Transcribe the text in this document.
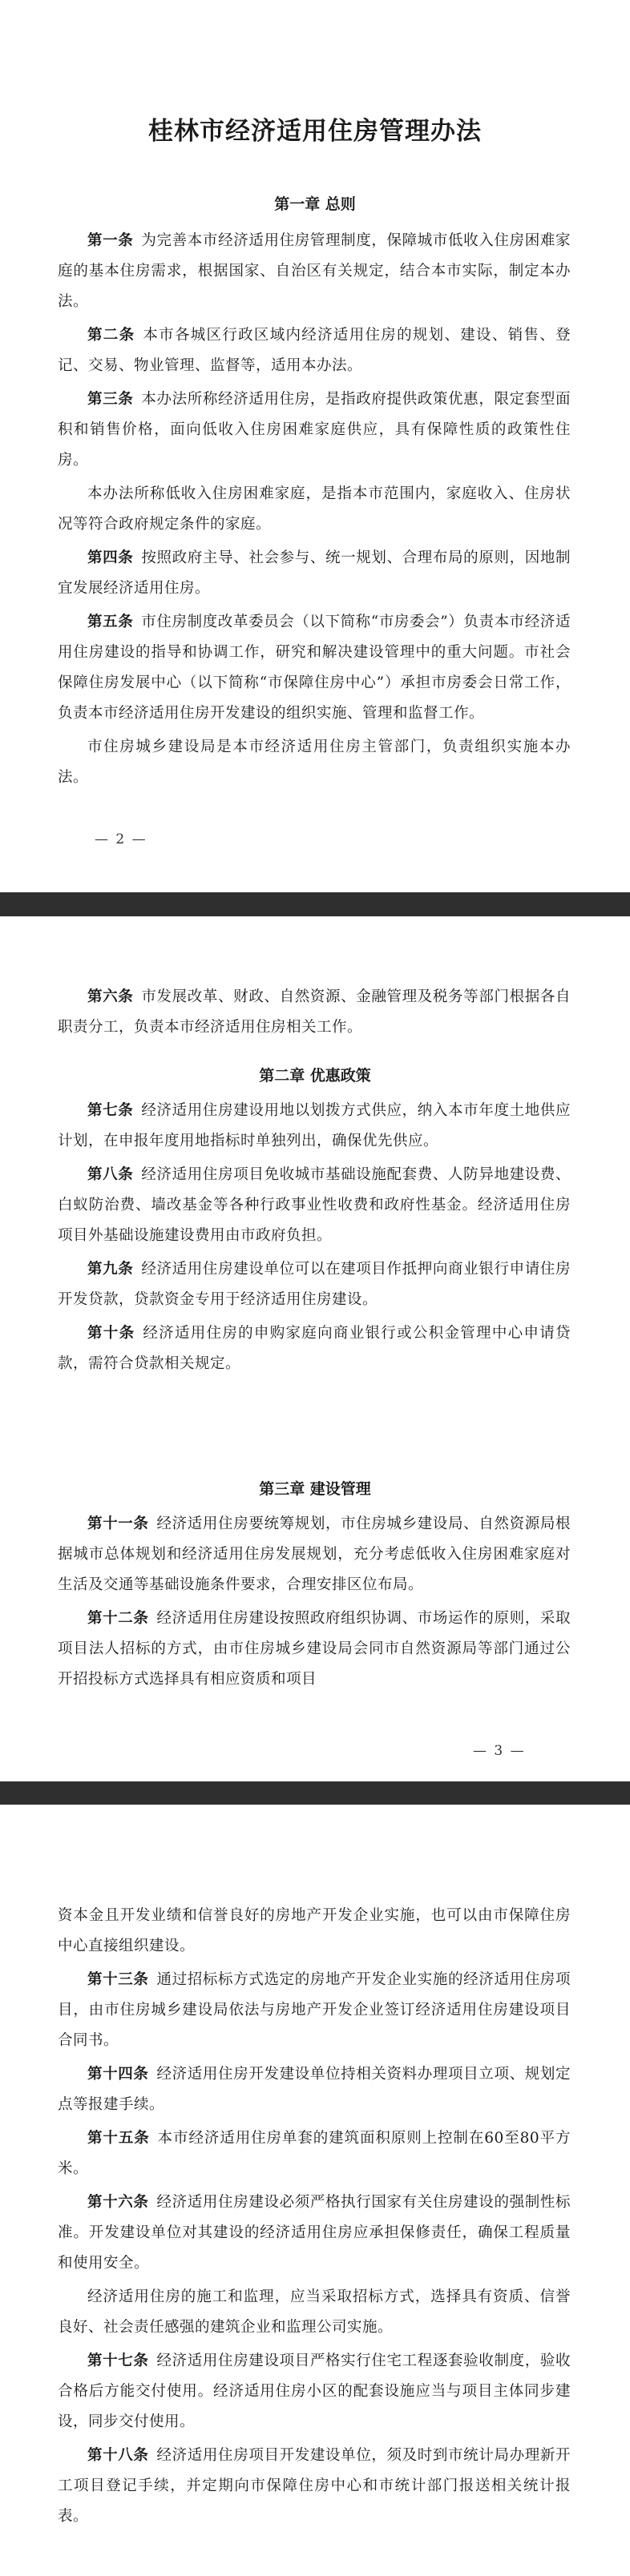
桂林市经济适用住房管理办法
第一章 总则

第一条 为完善本市经济适用住房管理制度，保障城市低收入住房困难家庭的基本住房需求，根据国家、自治区有关规定，结合本市实际，制定本办法。

第二条 本市各城区行政区域内经济适用住房的规划、建设、销售、登记、交易、物业管理、监督等，适用本办法。

第三条 本办法所称经济适用住房，是指政府提供政策优惠，限定套型面积和销售价格，面向低收入住房困难家庭供应，具有保障性质的政策性住房。

本办法所称低收入住房困难家庭，是指本市范围内，家庭收入、住房状况等符合政府规定条件的家庭。

第四条 按照政府主导、社会参与、统一规划、合理布局的原则，因地制宜发展经济适用住房。

第五条 市住房制度改革委员会（以下简称“市房委会”）负责本市经济适用住房建设的指导和协调工作，研究和解决建设管理中的重大问题。市社会保障住房发展中心（以下简称“市保障住房中心”）承担市房委会日常工作，负责本市经济适用住房开发建设的组织实施、管理和监督工作。

市住房城乡建设局是本市经济适用住房主管部门，负责组织实施本办法。

— 2 —

第六条 市发展改革、财政、自然资源、金融管理及税务等部门根据各自职责分工，负责本市经济适用住房相关工作。

第二章 优惠政策

第七条 经济适用住房建设用地以划拨方式供应，纳入本市年度土地供应计划，在申报年度用地指标时单独列出，确保优先供应。

第八条 经济适用住房项目免收城市基础设施配套费、人防异地建设费、白蚁防治费、墙改基金等各种行政事业性收费和政府性基金。经济适用住房项目外基础设施建设费用由市政府负担。

第九条 经济适用住房建设单位可以在建项目作抵押向商业银行申请住房开发贷款，贷款资金专用于经济适用住房建设。

第十条 经济适用住房的申购家庭向商业银行或公积金管理中心申请贷款，需符合贷款相关规定。

第三章 建设管理

第十一条 经济适用住房要统筹规划，市住房城乡建设局、自然资源局根据城市总体规划和经济适用住房发展规划，充分考虑低收入住房困难家庭对生活及交通等基础设施条件要求，合理安排区位布局。

第十二条 经济适用住房建设按照政府组织协调、市场运作的原则，采取项目法人招标的方式，由市住房城乡建设局会同市自然资源局等部门通过公开招投标方式选择具有相应资质和项目

— 3 —

资本金且开发业绩和信誉良好的房地产开发企业实施，也可以由市保障住房中心直接组织建设。

第十三条 通过招标标方式选定的房地产开发企业实施的经济适用住房项目，由市住房城乡建设局依法与房地产开发企业签订经济适用住房建设项目合同书。

第十四条 经济适用住房开发建设单位持相关资料办理项目立项、规划定点等报建手续。

第十五条 本市经济适用住房单套的建筑面积原则上控制在60至80平方米。

第十六条 经济适用住房建设必须严格执行国家有关住房建设的强制性标准。开发建设单位对其建设的经济适用住房应承担保修责任，确保工程质量和使用安全。

经济适用住房的施工和监理，应当采取招标方式，选择具有资质、信誉良好、社会责任感强的建筑企业和监理公司实施。

第十七条 经济适用住房建设项目严格实行住宅工程逐套验收制度，验收合格后方能交付使用。经济适用住房小区的配套设施应当与项目主体同步建设，同步交付使用。

第十八条 经济适用住房项目开发建设单位，须及时到市统计局办理新开工项目登记手续，并定期向市保障住房中心和市统计部门报送相关统计报表。
